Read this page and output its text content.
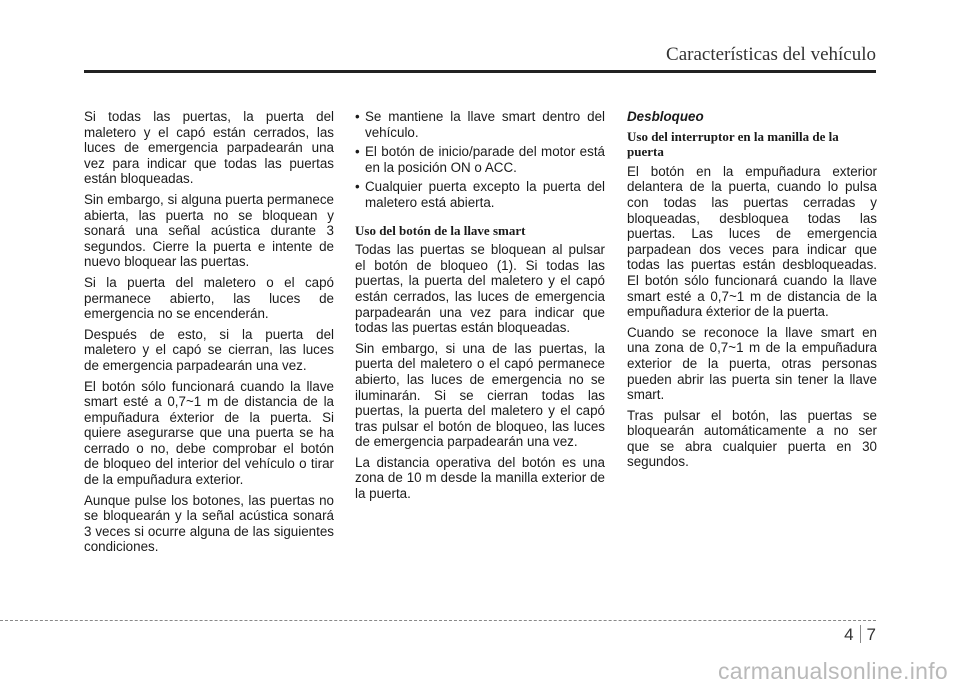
Características del vehículo

Si todas las puertas, la puerta del maletero y el capó están cerrados, las luces de emergencia parpadearán una vez para indicar que todas las puertas están bloqueadas.

Sin embargo, si alguna puerta permanece abierta, las puerta no se bloquean y sonará una señal acústica durante 3 segundos. Cierre la puerta e intente de nuevo bloquear las puertas.

Si la puerta del maletero o el capó permanece abierto, las luces de emergencia no se encenderán.

Después de esto, si la puerta del maletero y el capó se cierran, las luces de emergencia parpadearán una vez.

El botón sólo funcionará cuando la llave smart esté a 0,7~1 m de distancia de la empuñadura éxterior de la puerta. Si quiere asegurarse que una puerta se ha cerrado o no, debe comprobar el botón de bloqueo del interior del vehículo o tirar de la empuñadura exterior.

Aunque pulse los botones, las puertas no se bloquearán y la señal acústica sonará 3 veces si ocurre alguna de las siguientes condiciones.

• Se mantiene la llave smart dentro del vehículo.
• El botón de inicio/parade del motor está en la posición ON o ACC.
• Cualquier puerta excepto la puerta del maletero está abierta.
Uso del botón de la llave smart

Todas las puertas se bloquean al pulsar el botón de bloqueo (1). Si todas las puertas, la puerta del maletero y el capó están cerrados, las luces de emergencia parpadearán una vez para indicar que todas las puertas están bloqueadas.

Sin embargo, si una de las puertas, la puerta del maletero o el capó permanece abierto, las luces de emergencia no se iluminarán. Si se cierran todas las puertas, la puerta del maletero y el capó tras pulsar el botón de bloqueo, las luces de emergencia parpadearán una vez.

La distancia operativa del botón es una zona de 10 m desde la manilla exterior de la puerta.

Desbloqueo
Uso del interruptor en la manilla de la puerta

El botón en la empuñadura exterior delantera de la puerta, cuando lo pulsa con todas las puertas cerradas y bloqueadas, desbloquea todas las puertas. Las luces de emergencia parpadean dos veces para indicar que todas las puertas están desbloqueadas. El botón sólo funcionará cuando la llave smart esté a 0,7~1 m de distancia de la empuñadura éxterior de la puerta.

Cuando se reconoce la llave smart en una zona de 0,7~1 m de la empuñadura exterior de la puerta, otras personas pueden abrir las puerta sin tener la llave smart.

Tras pulsar el botón, las puertas se bloquearán automáticamente a no ser que se abra cualquier puerta en 30 segundos.

4 7
carmanualsonline.info
